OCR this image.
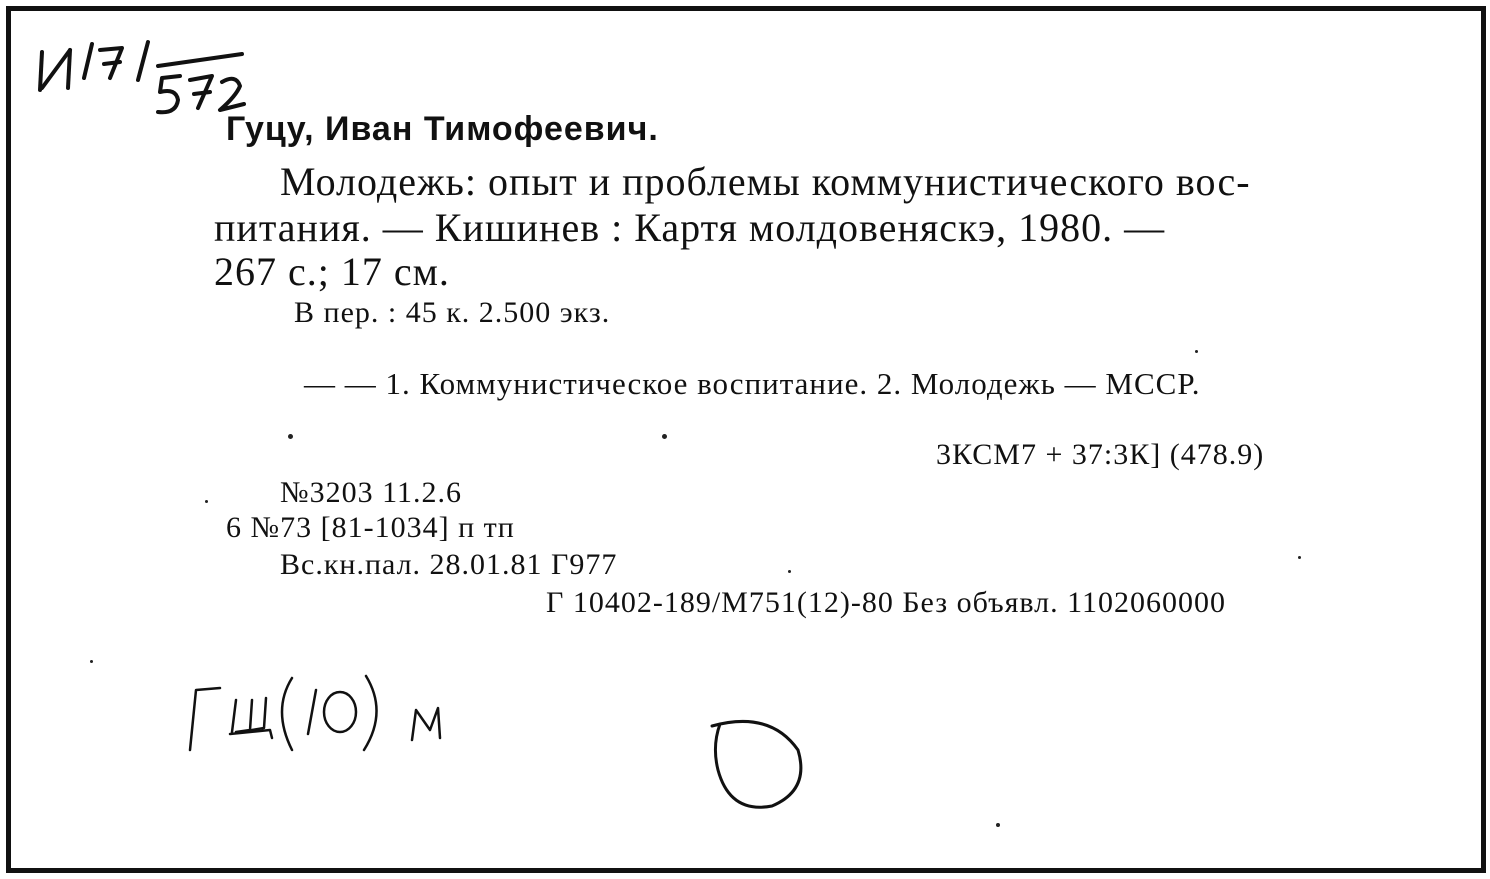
Гуцу, Иван Тимофеевич.
Молодежь: опыт и проблемы коммунистического вос-
питания. — Кишинев : Картя молдовеняскэ, 1980. —
267 с.; 17 см.
В пер. : 45 к. 2.500 экз.
— — 1. Коммунистическое воспитание. 2. Молодежь — МССР.
3КСМ7 + 37:3К] (478.9)
№3203 11.2.6
6 №73 [81-1034] п тп
Вс.кн.пал. 28.01.81 Г977
Г 10402-189/М751(12)-80 Без объявл. 1102060000
